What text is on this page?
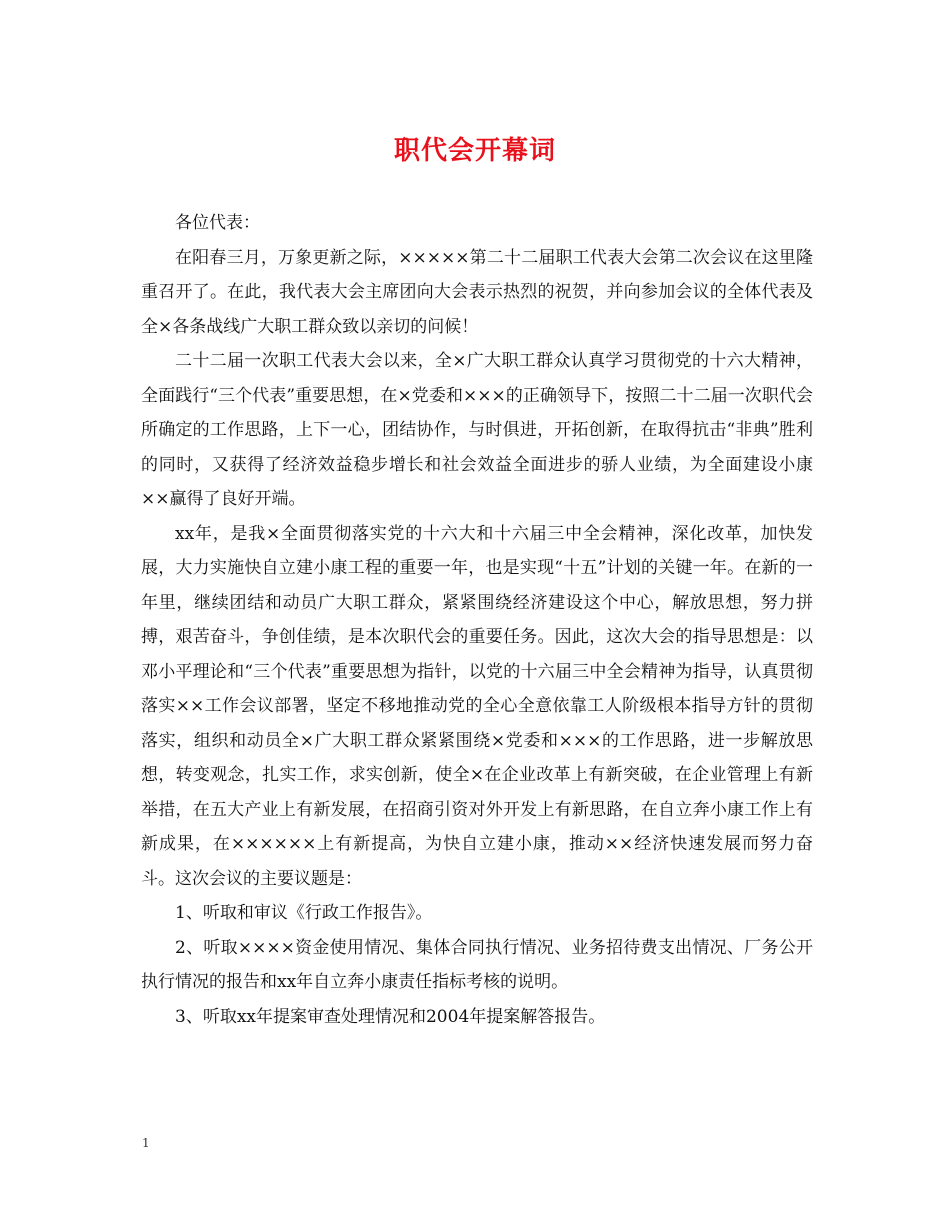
职代会开幕词

各位代表：

在阳春三月，万象更新之际，×××××第二十二届职工代表大会第二次会议在这里隆重召开了。在此，我代表大会主席团向大会表示热烈的祝贺，并向参加会议的全体代表及全×各条战线广大职工群众致以亲切的问候！

二十二届一次职工代表大会以来，全×广大职工群众认真学习贯彻党的十六大精神，全面践行“三个代表”重要思想，在×党委和×××的正确领导下，按照二十二届一次职代会所确定的工作思路，上下一心，团结协作，与时俱进，开拓创新，在取得抗击“非典”胜利的同时，又获得了经济效益稳步增长和社会效益全面进步的骄人业绩，为全面建设小康××赢得了良好开端。

xx年，是我×全面贯彻落实党的十六大和十六届三中全会精神，深化改革，加快发展，大力实施快自立建小康工程的重要一年，也是实现“十五”计划的关键一年。在新的一年里，继续团结和动员广大职工群众，紧紧围绕经济建设这个中心，解放思想，努力拼搏，艰苦奋斗，争创佳绩，是本次职代会的重要任务。因此，这次大会的指导思想是：以邓小平理论和“三个代表”重要思想为指针，以党的十六届三中全会精神为指导，认真贯彻落实××工作会议部署，坚定不移地推动党的全心全意依靠工人阶级根本指导方针的贯彻落实，组织和动员全×广大职工群众紧紧围绕×党委和×××的工作思路，进一步解放思想，转变观念，扎实工作，求实创新，使全×在企业改革上有新突破，在企业管理上有新举措，在五大产业上有新发展，在招商引资对外开发上有新思路，在自立奔小康工作上有新成果，在××××××上有新提高，为快自立建小康，推动××经济快速发展而努力奋斗。这次会议的主要议题是：

1、听取和审议《行政工作报告》。

2、听取××××资金使用情况、集体合同执行情况、业务招待费支出情况、厂务公开执行情况的报告和xx年自立奔小康责任指标考核的说明。

3、听取xx年提案审查处理情况和2004年提案解答报告。

1
